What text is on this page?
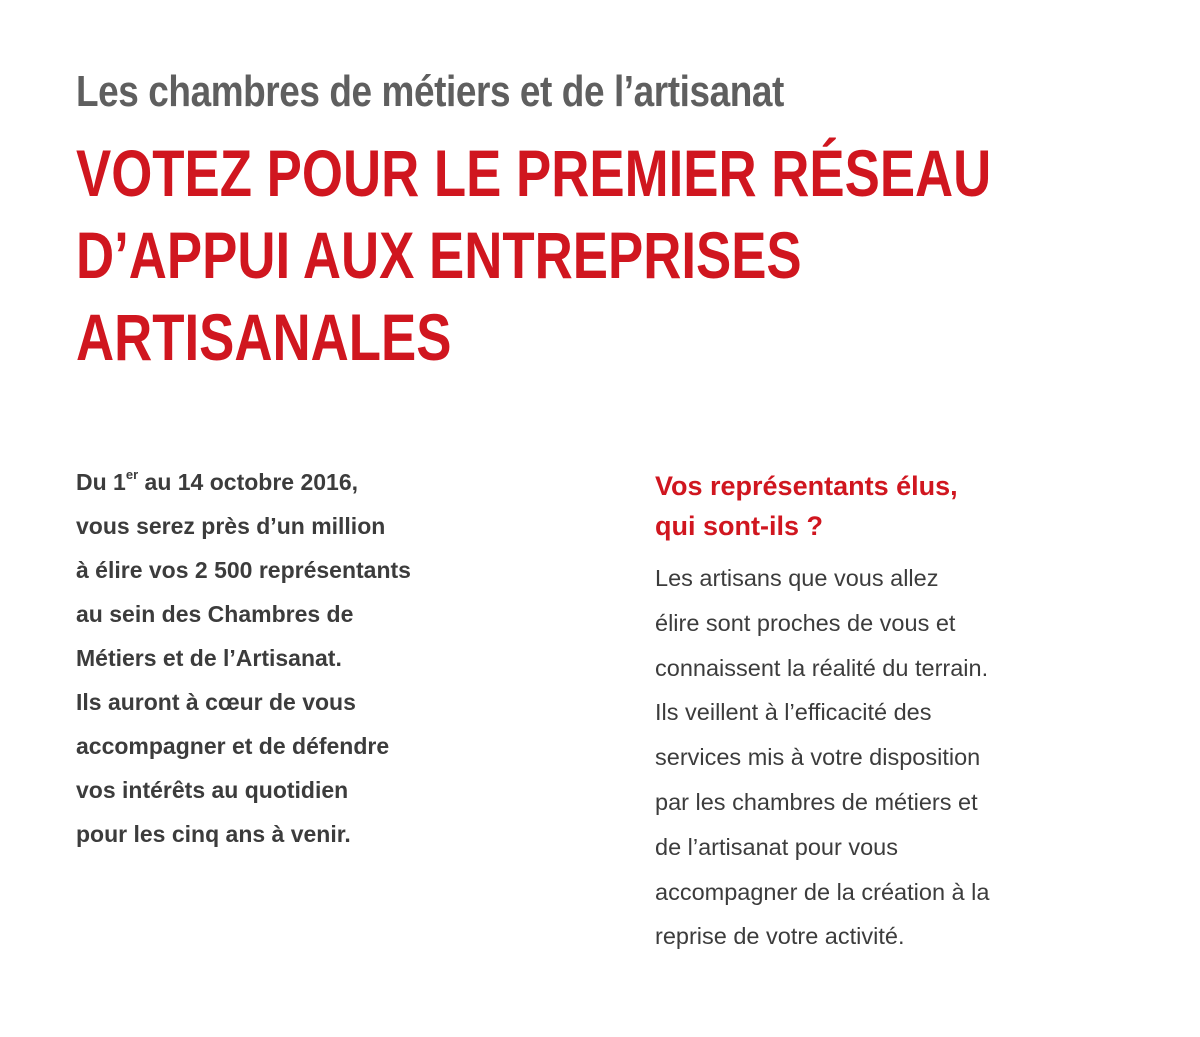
Les chambres de métiers et de l’artisanat
VOTEZ POUR LE PREMIER RÉSEAU
D’APPUI AUX ENTREPRISES
ARTISANALES
Du 1er au 14 octobre 2016,
vous serez près d’un million
à élire vos 2 500 représentants
au sein des Chambres de
Métiers et de l’Artisanat.
Ils auront à cœur de vous
accompagner et de défendre
vos intérêts au quotidien
pour les cinq ans à venir.
Vos représentants élus,
qui sont-ils ?

Les artisans que vous allez
élire sont proches de vous et
connaissent la réalité du terrain.
Ils veillent à l’efficacité des
services mis à votre disposition
par les chambres de métiers et
de l’artisanat pour vous
accompagner de la création à la
reprise de votre activité.
